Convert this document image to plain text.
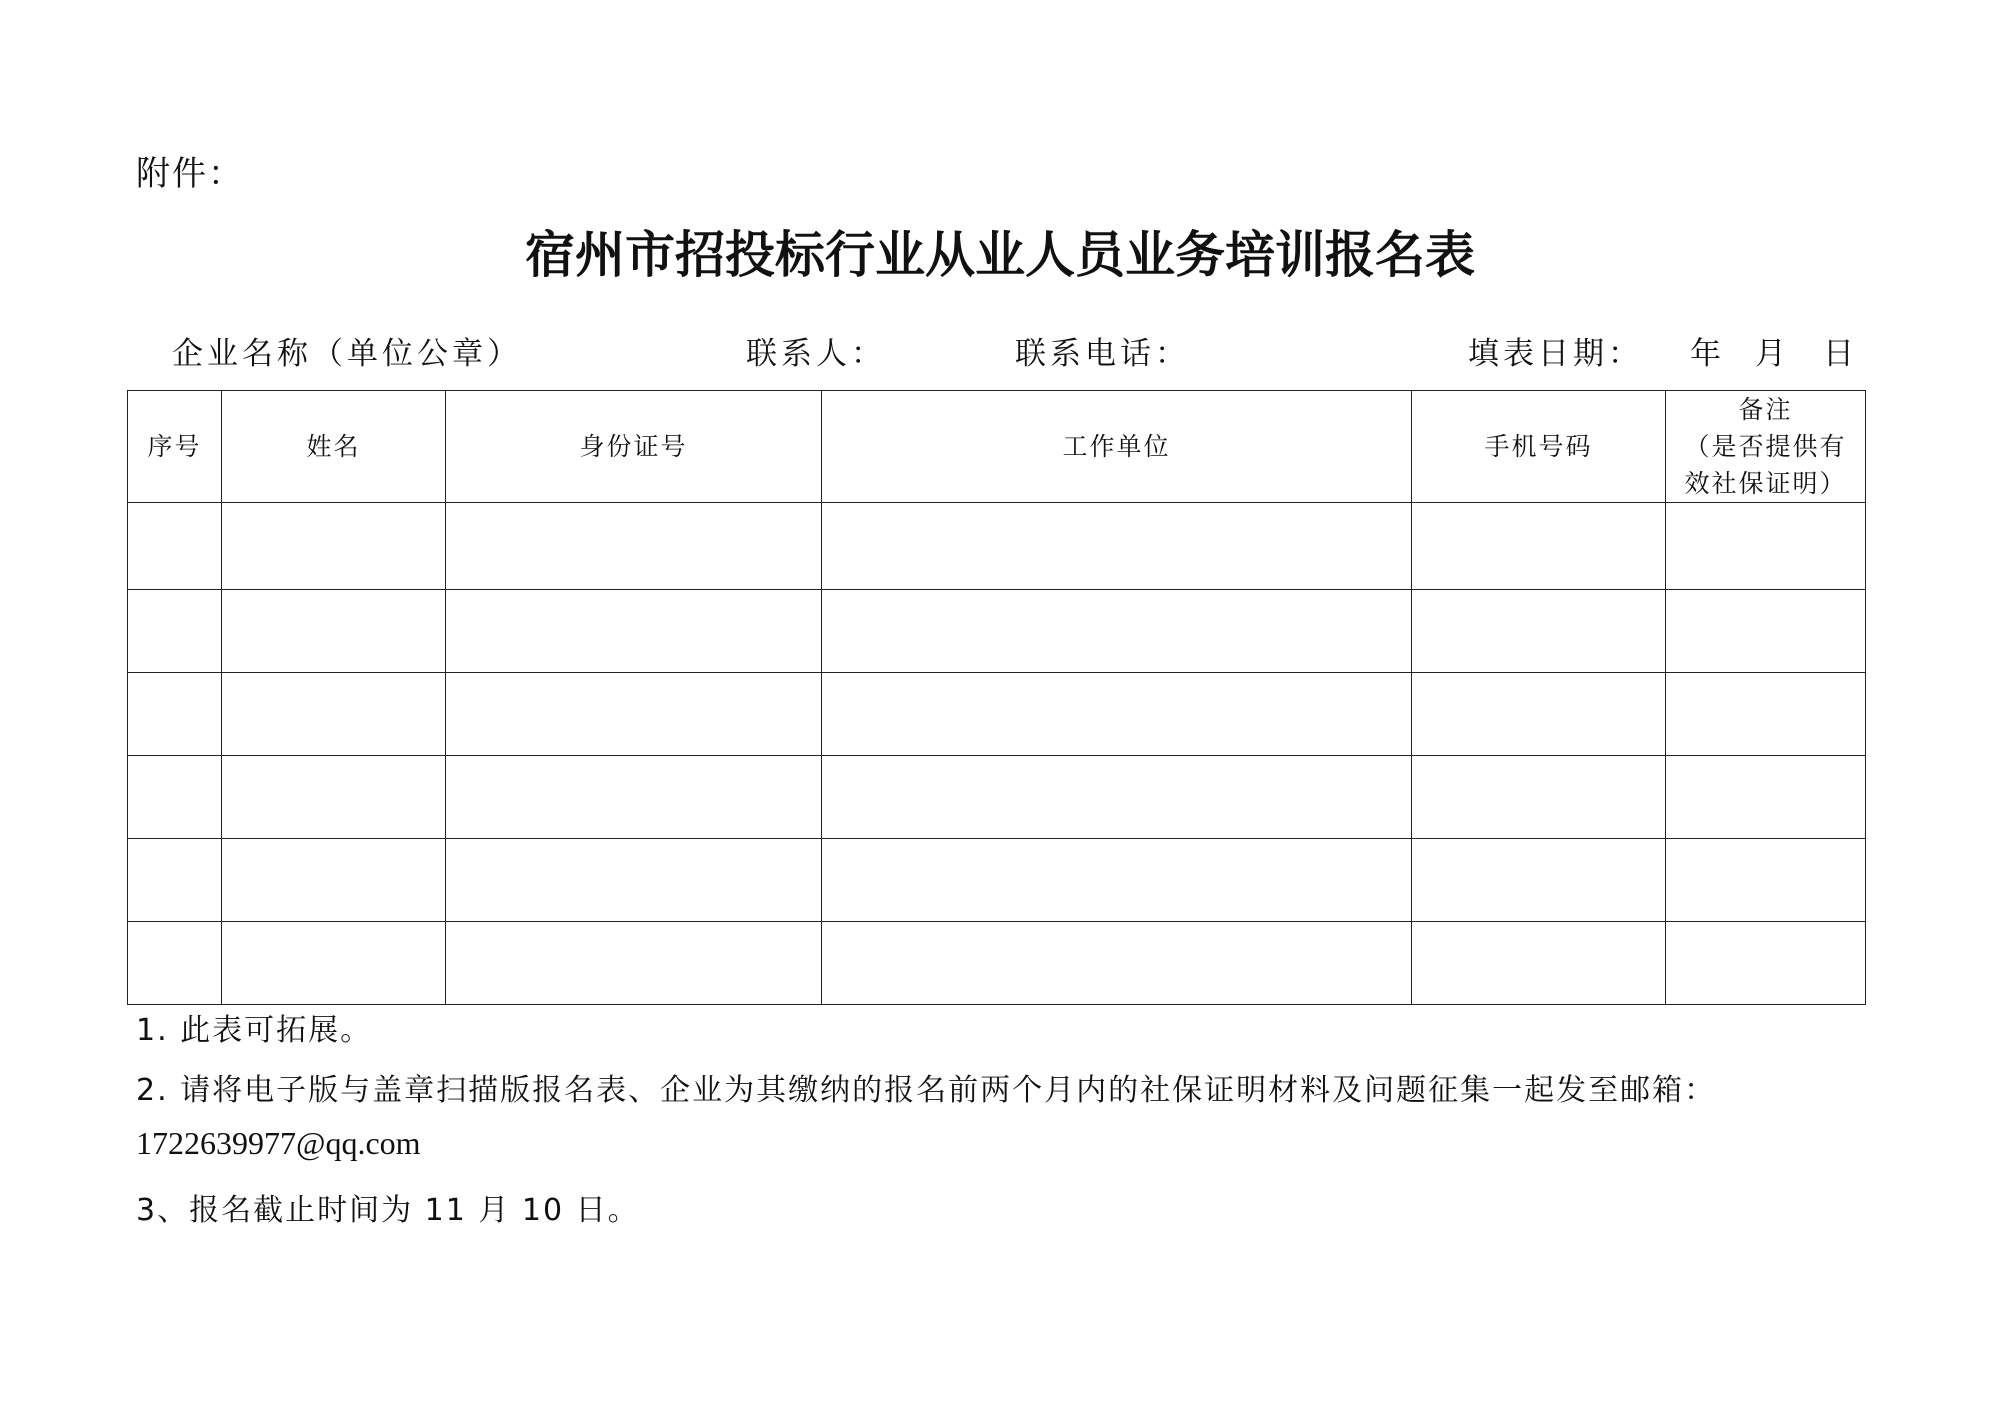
附件：
宿州市招投标行业从业人员业务培训报名表
企业名称（单位公章）	联系人：	联系电话：	填表日期： 年 月 日
序号	姓名	身份证号	工作单位	手机号码	备注
（是否提供有
效社保证明）

1. 此表可拓展。
2. 请将电子版与盖章扫描版报名表、企业为其缴纳的报名前两个月内的社保证明材料及问题征集一起发至邮箱：
1722639977@qq.com
3、报名截止时间为 11 月 10 日。
